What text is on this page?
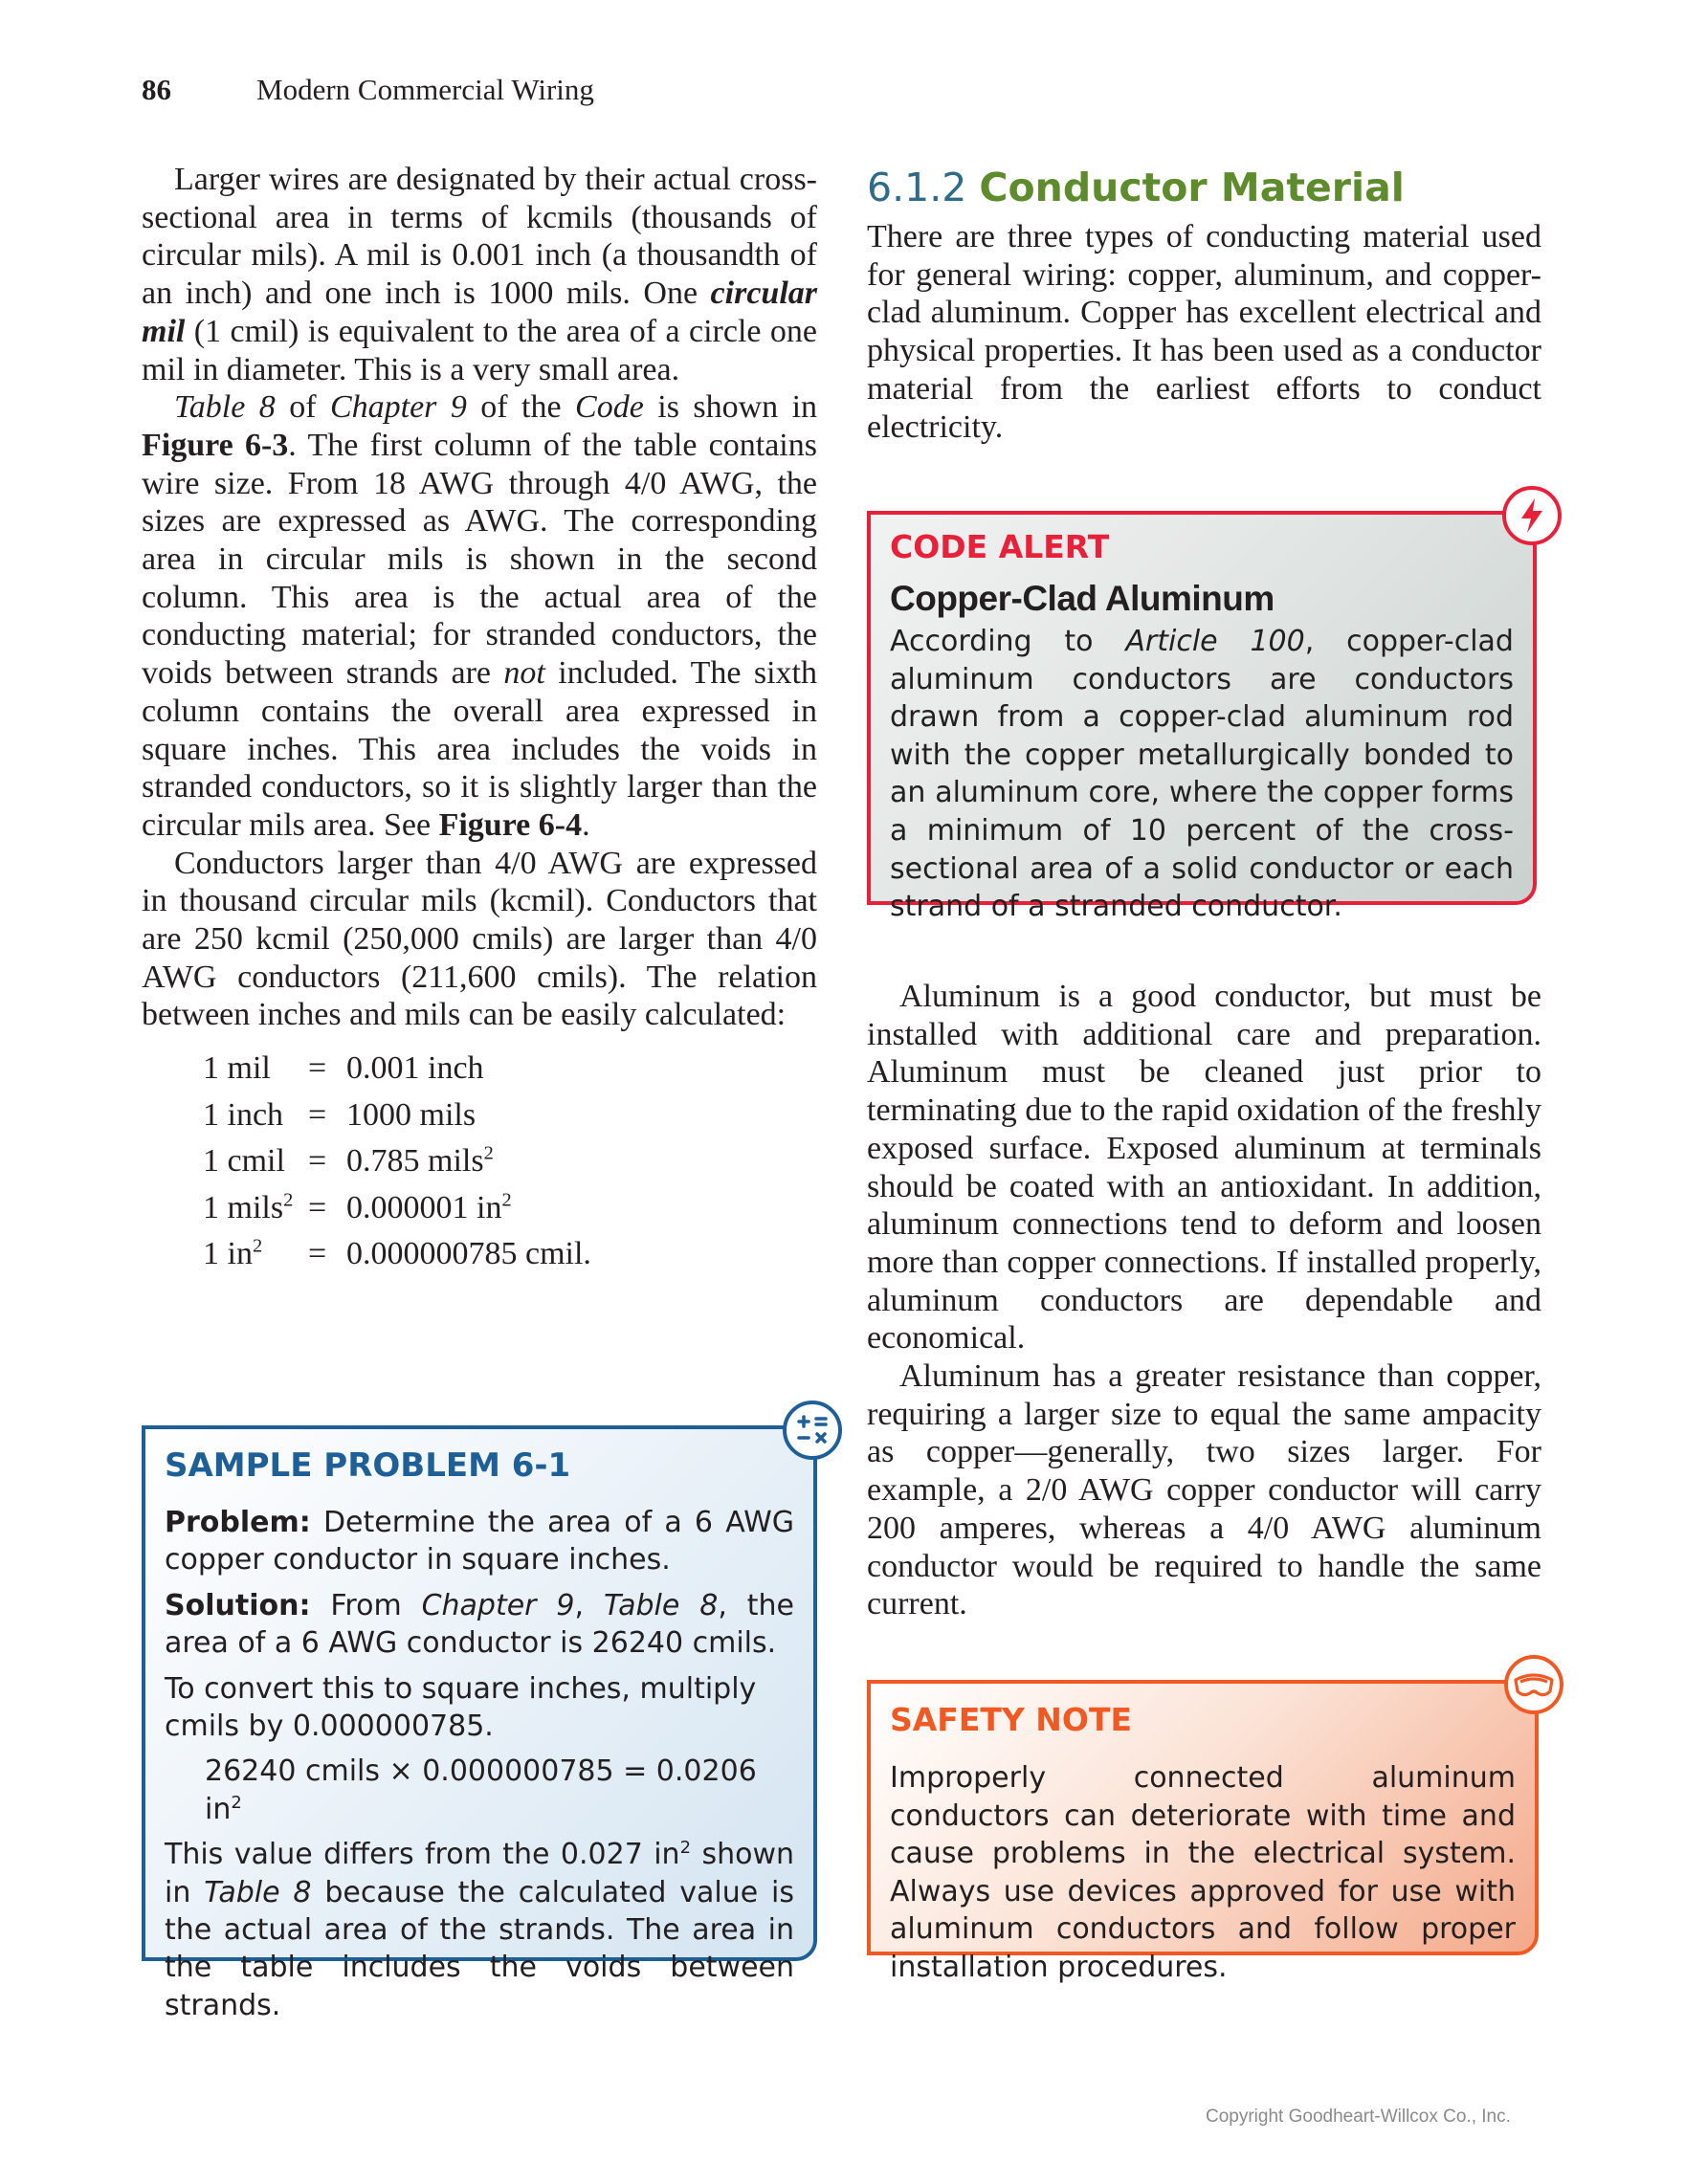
86	Modern Commercial Wiring

Larger wires are designated by their actual cross-sectional area in terms of kcmils (thousands of circular mils). A mil is 0.001 inch (a thousandth of an inch) and one inch is 1000 mils. One circular mil (1 cmil) is equivalent to the area of a circle one mil in diameter. This is a very small area.

Table 8 of Chapter 9 of the Code is shown in Figure 6-3. The first column of the table contains wire size. From 18 AWG through 4/0 AWG, the sizes are expressed as AWG. The corresponding area in circular mils is shown in the second column. This area is the actual area of the conducting material; for stranded conductors, the voids between strands are not included. The sixth column contains the overall area expressed in square inches. This area includes the voids in stranded conductors, so it is slightly larger than the circular mils area. See Figure 6-4.

Conductors larger than 4/0 AWG are expressed in thousand circular mils (kcmil). Conductors that are 250 kcmil (250,000 cmils) are larger than 4/0 AWG conductors (211,600 cmils). The relation between inches and mils can be easily calculated:

1 mil	=	0.001 inch
1 inch	=	1000 mils
1 cmil	=	0.785 mils$^2$
1 mils$^2$	=	0.000001 $in^2$
1 $in^2$	=	0.000000785 cmil.
SAMPLE PROBLEM 6-1

Problem: Determine the area of a 6 AWG copper conductor in square inches.

Solution: From Chapter 9, Table 8, the area of a 6 AWG conductor is 26240 cmils.

To convert this to square inches, multiply cmils by 0.000000785.

26240 cmils × 0.000000785 = 0.0206 $in^2$

This value differs from the 0.027 $in^2$ shown in Table 8 because the calculated value is the actual area of the strands. The area in the table includes the voids between strands.

6.1.2 Conductor Material

There are three types of conducting material used for general wiring: copper, aluminum, and copper-clad aluminum. Copper has excellent electrical and physical properties. It has been used as a conductor material from the earliest efforts to conduct electricity.

Aluminum is a good conductor, but must be installed with additional care and preparation. Aluminum must be cleaned just prior to terminating due to the rapid oxidation of the freshly exposed surface. Exposed aluminum at terminals should be coated with an antioxidant. In addition, aluminum connections tend to deform and loosen more than copper connections. If installed properly, aluminum conductors are dependable and economical.

Aluminum has a greater resistance than copper, requiring a larger size to equal the same ampacity as copper—generally, two sizes larger. For example, a 2/0 AWG copper conductor will carry 200 amperes, whereas a 4/0 AWG aluminum conductor would be required to handle the same current.

CODE ALERT
Copper-Clad Aluminum
According to Article 100, copper-clad aluminum conductors are conductors drawn from a copper-clad aluminum rod with the copper metallurgically bonded to an aluminum core, where the copper forms a minimum of 10 percent of the cross-sectional area of a solid conductor or each strand of a stranded conductor.
SAFETY NOTE
Improperly connected aluminum conductors can deteriorate with time and cause problems in the electrical system. Always use devices approved for use with aluminum conductors and follow proper installation procedures.
Copyright Goodheart-Willcox Co., Inc.
